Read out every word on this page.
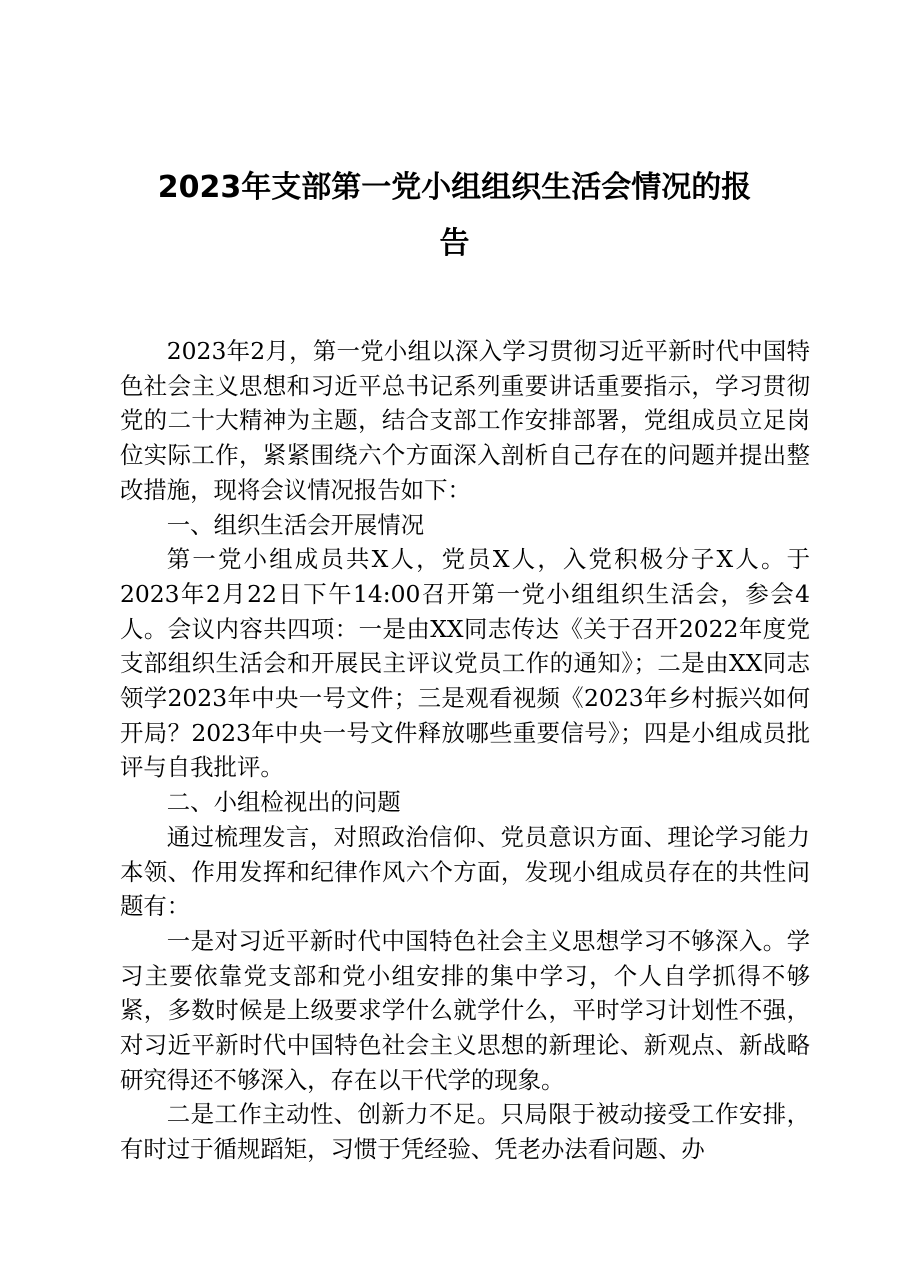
2023年支部第一党小组组织生活会情况的报
告

2023年2月，第一党小组以深入学习贯彻习近平新时代中国特色社会主义思想和习近平总书记系列重要讲话重要指示，学习贯彻党的二十大精神为主题，结合支部工作安排部署，党组成员立足岗位实际工作，紧紧围绕六个方面深入剖析自己存在的问题并提出整改措施，现将会议情况报告如下：

一、组织生活会开展情况

第一党小组成员共X人，党员X人，入党积极分子X人。于2023年2月22日下午14:00召开第一党小组组织生活会，参会4人。会议内容共四项：一是由XX同志传达《关于召开2022年度党支部组织生活会和开展民主评议党员工作的通知》；二是由XX同志领学2023年中央一号文件；三是观看视频《2023年乡村振兴如何开局？2023年中央一号文件释放哪些重要信号》；四是小组成员批评与自我批评。

二、小组检视出的问题

通过梳理发言，对照政治信仰、党员意识方面、理论学习能力本领、作用发挥和纪律作风六个方面，发现小组成员存在的共性问题有：

一是对习近平新时代中国特色社会主义思想学习不够深入。学习主要依靠党支部和党小组安排的集中学习，个人自学抓得不够紧，多数时候是上级要求学什么就学什么，平时学习计划性不强，对习近平新时代中国特色社会主义思想的新理论、新观点、新战略研究得还不够深入，存在以干代学的现象。

二是工作主动性、创新力不足。只局限于被动接受工作安排，有时过于循规蹈矩，习惯于凭经验、凭老办法看问题、办
